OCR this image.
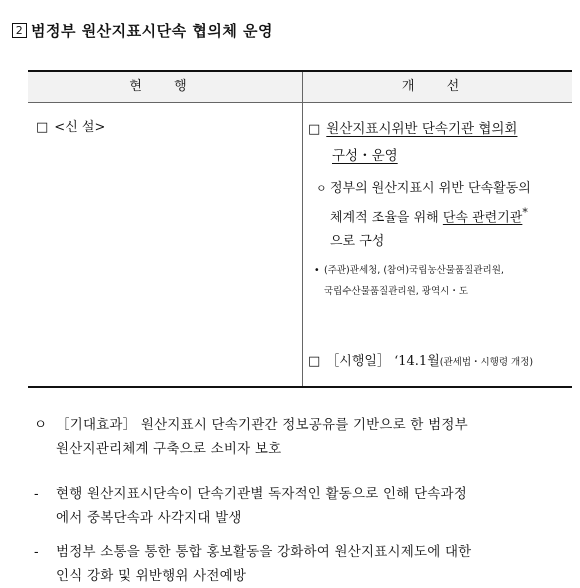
2 범정부 원산지표시단속 협의체 운영
현 행	개 선
□ <신 설>	□ 원산지표시위반 단속기관 협의회
구성・운영
ㅇ 정부의 원산지표시 위반 단속활동의
체계적 조율을 위해 단속 관련기관*
으로 구성
• (주관)관세청, (참여)국립농산물품질관리원,
국립수산물품질관리원, 광역시・도
□ ［시행일］ ‘14.1월(관세법・시행령 개정)
ㅇ ［기대효과］ 원산지표시 단속기관간 정보공유를 기반으로 한 범정부
원산지관리체계 구축으로 소비자 보호
-	현행 원산지표시단속이 단속기관별 독자적인 활동으로 인해 단속과정
에서 중복단속과 사각지대 발생
-	범정부 소통을 통한 통합 홍보활동을 강화하여 원산지표시제도에 대한
인식 강화 및 위반행위 사전예방
